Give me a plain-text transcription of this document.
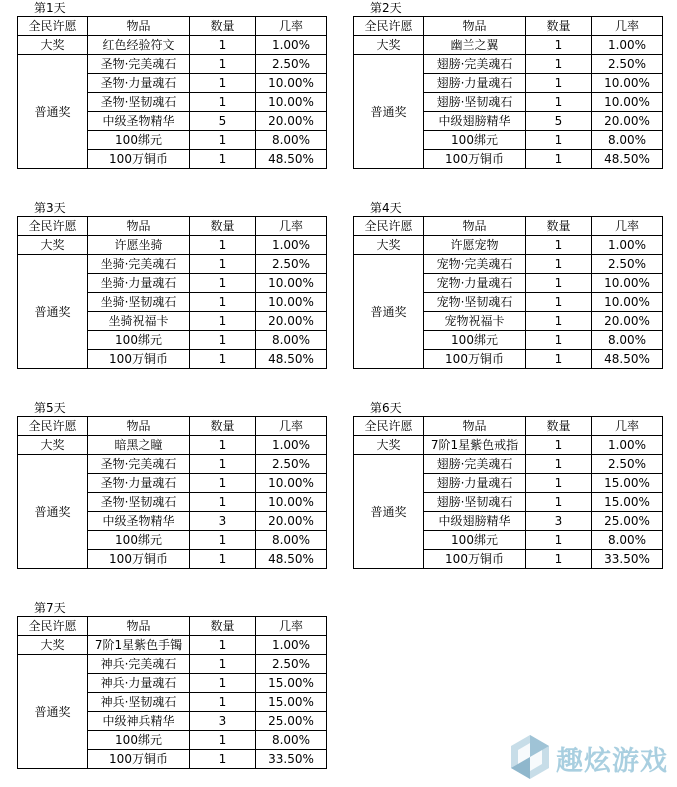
第1天
全民许愿	物品	数量	几率
大奖	红色经验符文	1	1.00%
普通奖	圣物·完美魂石	1	2.50%
	圣物·力量魂石	1	10.00%
	圣物·坚韧魂石	1	10.00%
	中级圣物精华	5	20.00%
	100绑元	1	8.00%
	100万铜币	1	48.50%
第2天
全民许愿	物品	数量	几率
大奖	幽兰之翼	1	1.00%
普通奖	翅膀·完美魂石	1	2.50%
	翅膀·力量魂石	1	10.00%
	翅膀·坚韧魂石	1	10.00%
	中级翅膀精华	5	20.00%
	100绑元	1	8.00%
	100万铜币	1	48.50%
第3天
全民许愿	物品	数量	几率
大奖	许愿坐骑	1	1.00%
普通奖	坐骑·完美魂石	1	2.50%
	坐骑·力量魂石	1	10.00%
	坐骑·坚韧魂石	1	10.00%
	坐骑祝福卡	1	20.00%
	100绑元	1	8.00%
	100万铜币	1	48.50%
第4天
全民许愿	物品	数量	几率
大奖	许愿宠物	1	1.00%
普通奖	宠物·完美魂石	1	2.50%
	宠物·力量魂石	1	10.00%
	宠物·坚韧魂石	1	10.00%
	宠物祝福卡	1	20.00%
	100绑元	1	8.00%
	100万铜币	1	48.50%
第5天
全民许愿	物品	数量	几率
大奖	暗黑之瞳	1	1.00%
普通奖	圣物·完美魂石	1	2.50%
	圣物·力量魂石	1	10.00%
	圣物·坚韧魂石	1	10.00%
	中级圣物精华	3	20.00%
	100绑元	1	8.00%
	100万铜币	1	48.50%
第6天
全民许愿	物品	数量	几率
大奖	7阶1星紫色戒指	1	1.00%
普通奖	翅膀·完美魂石	1	2.50%
	翅膀·力量魂石	1	15.00%
	翅膀·坚韧魂石	1	15.00%
	中级翅膀精华	3	25.00%
	100绑元	1	8.00%
	100万铜币	1	33.50%
第7天
全民许愿	物品	数量	几率
大奖	7阶1星紫色手镯	1	1.00%
普通奖	神兵·完美魂石	1	2.50%
	神兵·力量魂石	1	15.00%
	神兵·坚韧魂石	1	15.00%
	中级神兵精华	3	25.00%
	100绑元	1	8.00%
	100万铜币	1	33.50%	趣炫游戏
